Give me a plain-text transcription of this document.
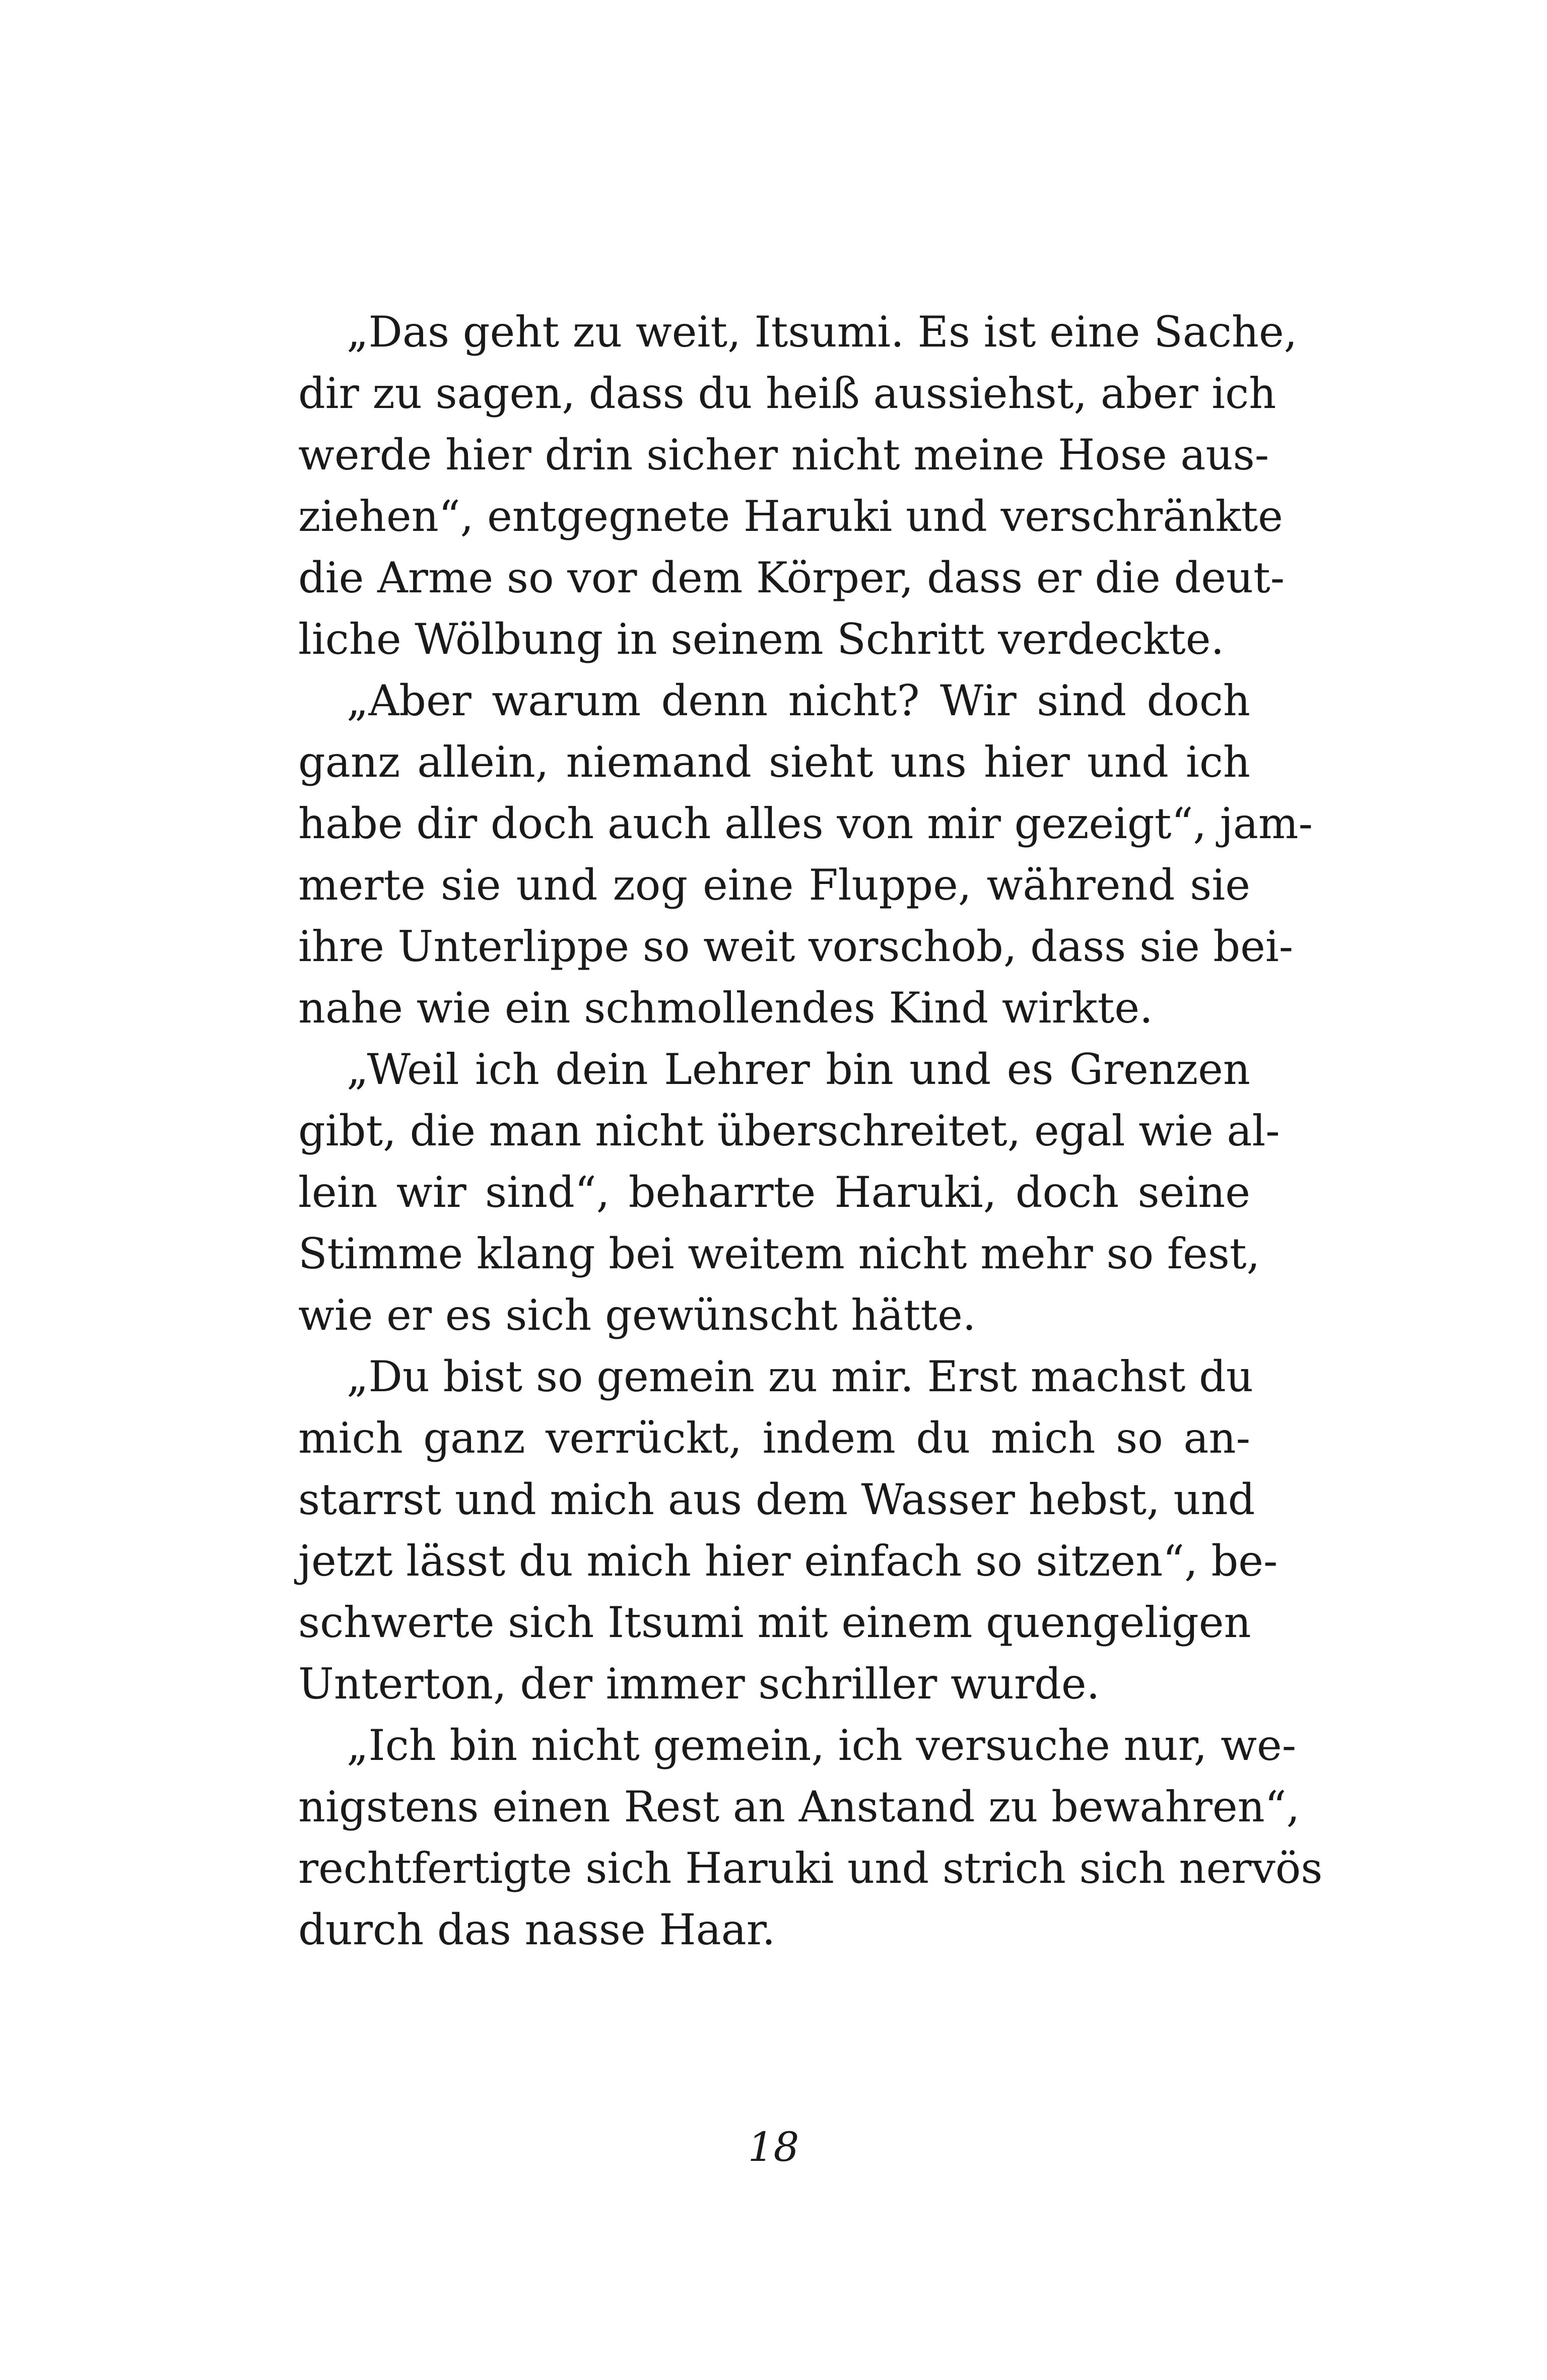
„Das geht zu weit, Itsumi. Es ist eine Sache,
dir zu sagen, dass du heiß aussiehst, aber ich
werde hier drin sicher nicht meine Hose aus-
ziehen“, entgegnete Haruki und verschränkte
die Arme so vor dem Körper, dass er die deut-
liche Wölbung in seinem Schritt verdeckte.

„Aber warum denn nicht? Wir sind doch
ganz allein, niemand sieht uns hier und ich
habe dir doch auch alles von mir gezeigt“, jam-
merte sie und zog eine Fluppe, während sie
ihre Unterlippe so weit vorschob, dass sie bei-
nahe wie ein schmollendes Kind wirkte.

„Weil ich dein Lehrer bin und es Grenzen
gibt, die man nicht überschreitet, egal wie al-
lein wir sind“, beharrte Haruki, doch seine
Stimme klang bei weitem nicht mehr so fest,
wie er es sich gewünscht hätte.

„Du bist so gemein zu mir. Erst machst du
mich ganz verrückt, indem du mich so an-
starrst und mich aus dem Wasser hebst, und
jetzt lässt du mich hier einfach so sitzen“, be-
schwerte sich Itsumi mit einem quengeligen
Unterton, der immer schriller wurde.

„Ich bin nicht gemein, ich versuche nur, we-
nigstens einen Rest an Anstand zu bewahren“,
rechtfertigte sich Haruki und strich sich nervös
durch das nasse Haar.

18
